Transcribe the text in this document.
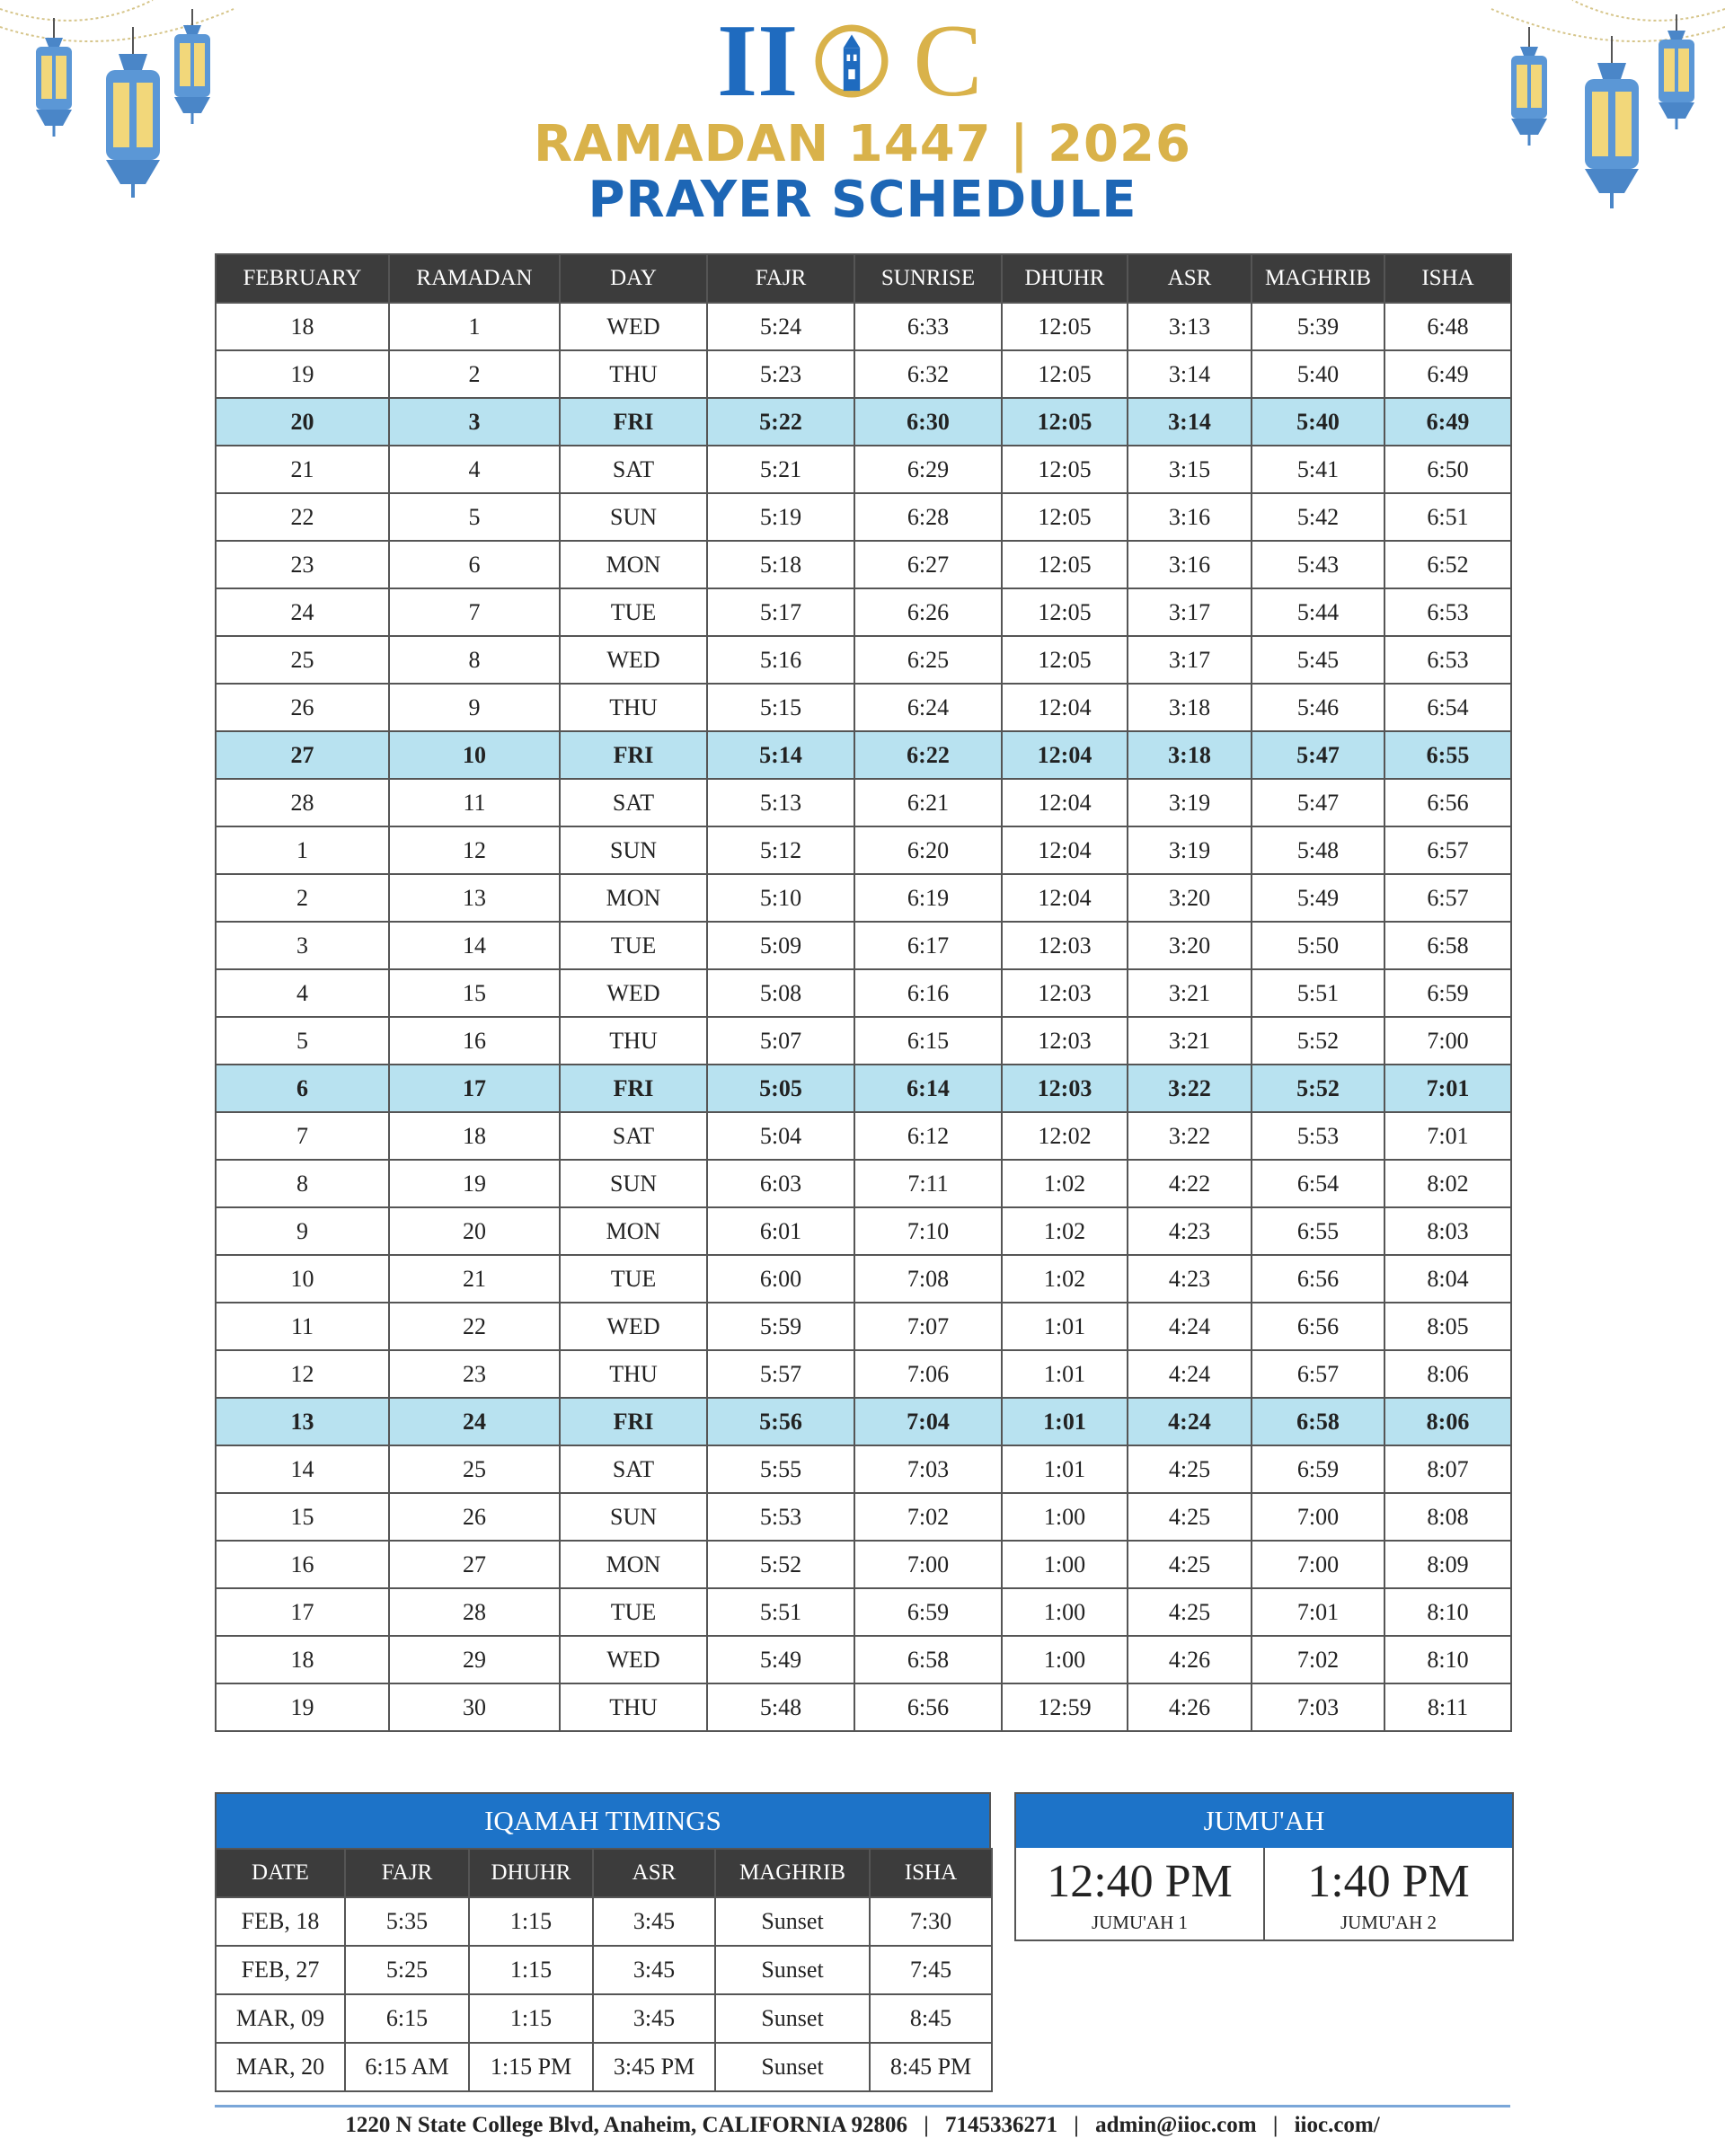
II C
RAMADAN 1447 | 2026
PRAYER SCHEDULE
FEBRUARY	RAMADAN	DAY	FAJR	SUNRISE	DHUHR	ASR	MAGHRIB	ISHA
18	1	WED	5:24	6:33	12:05	3:13	5:39	6:48
19	2	THU	5:23	6:32	12:05	3:14	5:40	6:49
20	3	FRI	5:22	6:30	12:05	3:14	5:40	6:49
21	4	SAT	5:21	6:29	12:05	3:15	5:41	6:50
22	5	SUN	5:19	6:28	12:05	3:16	5:42	6:51
23	6	MON	5:18	6:27	12:05	3:16	5:43	6:52
24	7	TUE	5:17	6:26	12:05	3:17	5:44	6:53
25	8	WED	5:16	6:25	12:05	3:17	5:45	6:53
26	9	THU	5:15	6:24	12:04	3:18	5:46	6:54
27	10	FRI	5:14	6:22	12:04	3:18	5:47	6:55
28	11	SAT	5:13	6:21	12:04	3:19	5:47	6:56
1	12	SUN	5:12	6:20	12:04	3:19	5:48	6:57
2	13	MON	5:10	6:19	12:04	3:20	5:49	6:57
3	14	TUE	5:09	6:17	12:03	3:20	5:50	6:58
4	15	WED	5:08	6:16	12:03	3:21	5:51	6:59
5	16	THU	5:07	6:15	12:03	3:21	5:52	7:00
6	17	FRI	5:05	6:14	12:03	3:22	5:52	7:01
7	18	SAT	5:04	6:12	12:02	3:22	5:53	7:01
8	19	SUN	6:03	7:11	1:02	4:22	6:54	8:02
9	20	MON	6:01	7:10	1:02	4:23	6:55	8:03
10	21	TUE	6:00	7:08	1:02	4:23	6:56	8:04
11	22	WED	5:59	7:07	1:01	4:24	6:56	8:05
12	23	THU	5:57	7:06	1:01	4:24	6:57	8:06
13	24	FRI	5:56	7:04	1:01	4:24	6:58	8:06
14	25	SAT	5:55	7:03	1:01	4:25	6:59	8:07
15	26	SUN	5:53	7:02	1:00	4:25	7:00	8:08
16	27	MON	5:52	7:00	1:00	4:25	7:00	8:09
17	28	TUE	5:51	6:59	1:00	4:25	7:01	8:10
18	29	WED	5:49	6:58	1:00	4:26	7:02	8:10
19	30	THU	5:48	6:56	12:59	4:26	7:03	8:11
IQAMAH TIMINGS
DATE	FAJR	DHUHR	ASR	MAGHRIB	ISHA
FEB, 18	5:35	1:15	3:45	Sunset	7:30
FEB, 27	5:25	1:15	3:45	Sunset	7:45
MAR, 09	6:15	1:15	3:45	Sunset	8:45
MAR, 20	6:15 AM	1:15 PM	3:45 PM	Sunset	8:45 PM
JUMU'AH
12:40 PM
JUMU'AH 1
1:40 PM
JUMU'AH 2
1220 N State College Blvd, Anaheim, CALIFORNIA 92806 | 7145336271 | admin@iioc.com | iioc.com/
